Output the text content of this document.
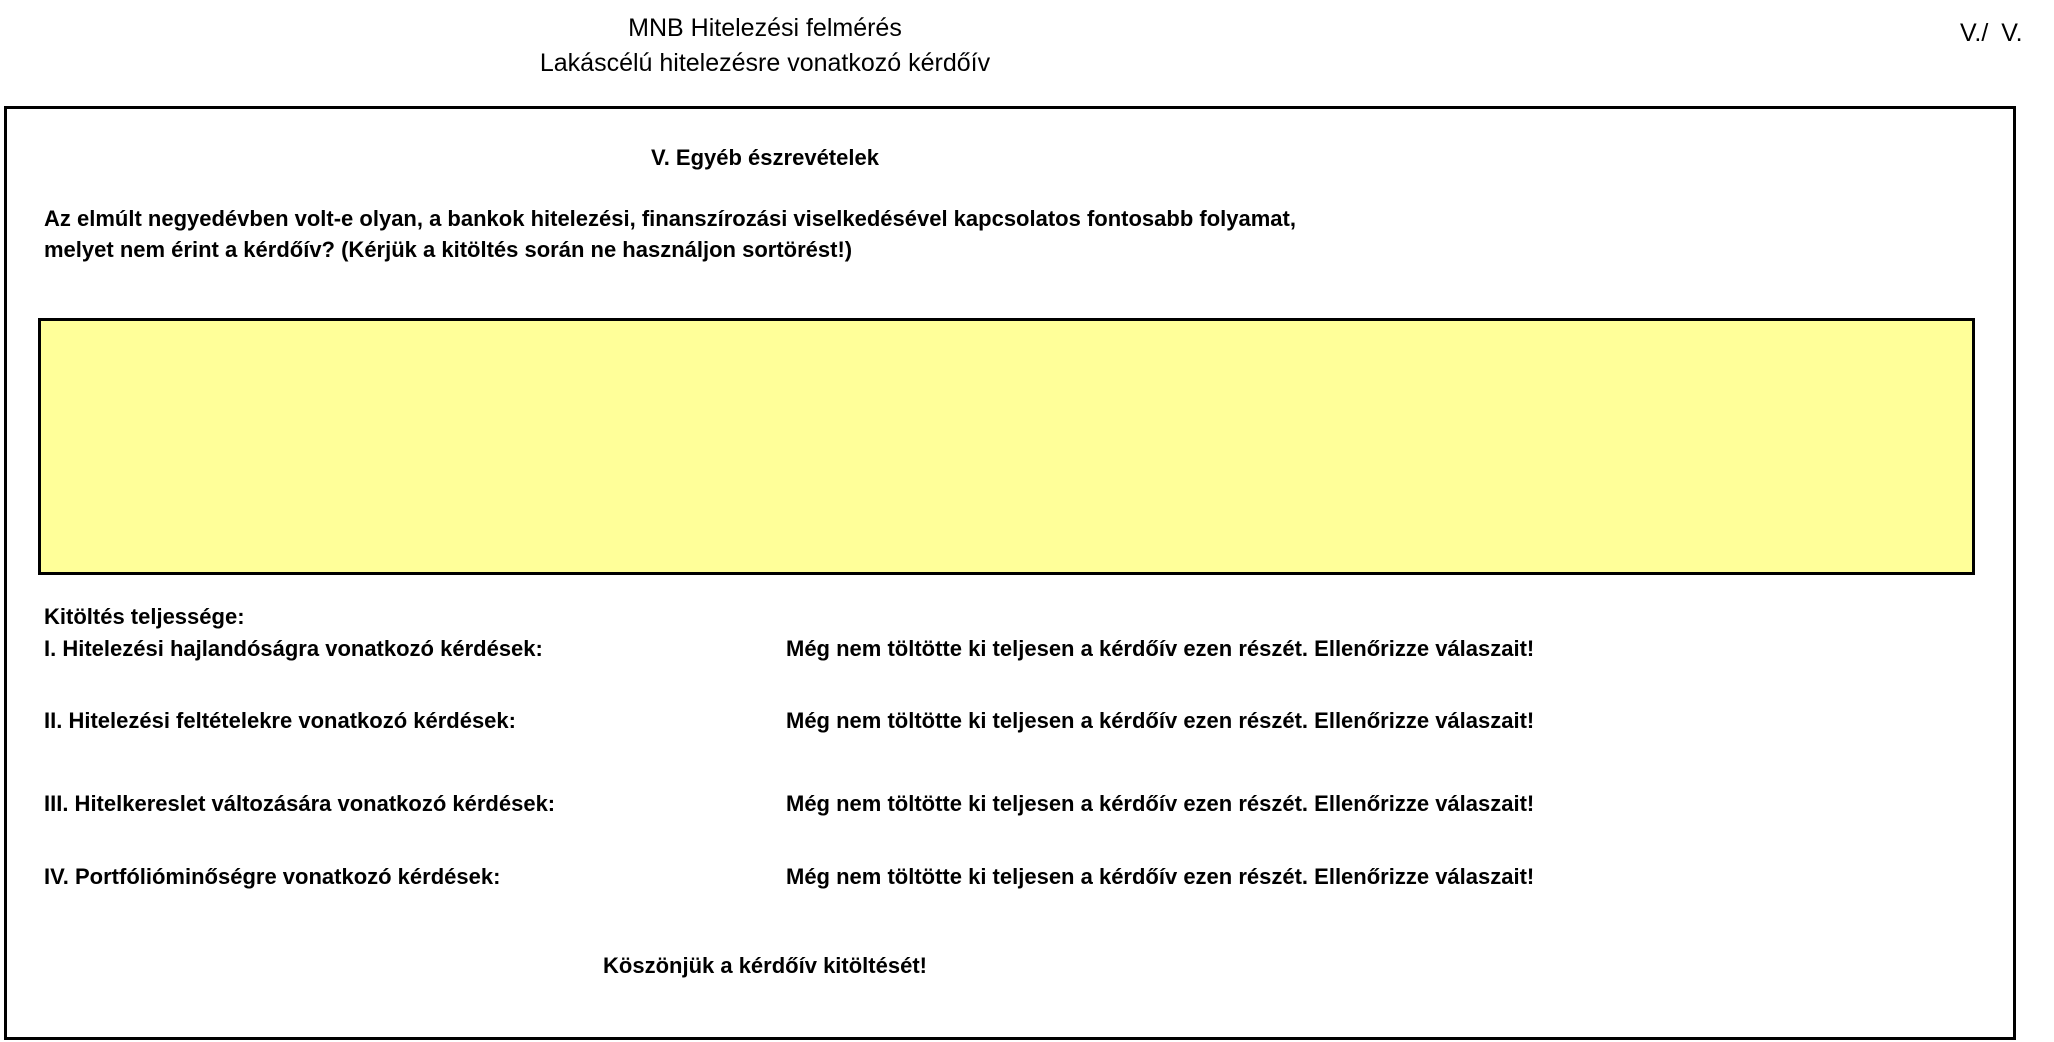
MNB Hitelezési felmérés
Lakáscélú hitelezésre vonatkozó kérdőív
V./ V.
V. Egyéb észrevételek
Az elmúlt negyedévben volt-e olyan, a bankok hitelezési, finanszírozási viselkedésével kapcsolatos fontosabb folyamat,
melyet nem érint a kérdőív? (Kérjük a kitöltés során ne használjon sortörést!)
Kitöltés teljessége:
I. Hitelezési hajlandóságra vonatkozó kérdések:	Még nem töltötte ki teljesen a kérdőív ezen részét. Ellenőrizze válaszait!
II. Hitelezési feltételekre vonatkozó kérdések:	Még nem töltötte ki teljesen a kérdőív ezen részét. Ellenőrizze válaszait!
III. Hitelkereslet változására vonatkozó kérdések:	Még nem töltötte ki teljesen a kérdőív ezen részét. Ellenőrizze válaszait!
IV. Portfólióminőségre vonatkozó kérdések:	Még nem töltötte ki teljesen a kérdőív ezen részét. Ellenőrizze válaszait!
Köszönjük a kérdőív kitöltését!
